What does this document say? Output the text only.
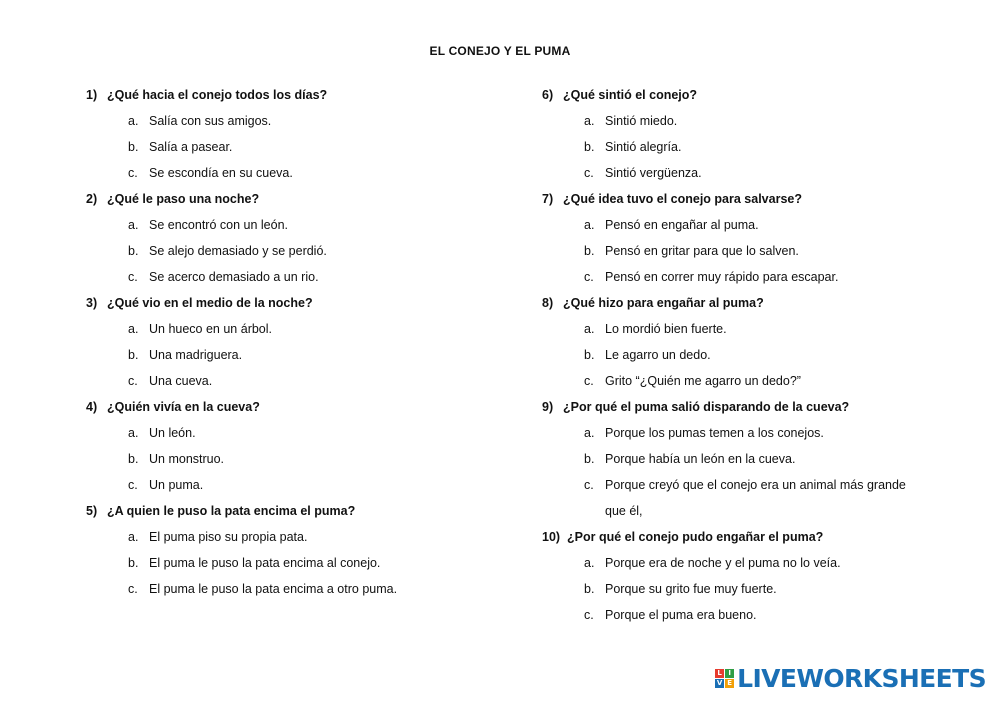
EL CONEJO Y EL PUMA
1) ¿Qué hacia el conejo todos los días?
a. Salía con sus amigos.
b. Salía a pasear.
c. Se escondía en su cueva.
2) ¿Qué le paso una noche?
a. Se encontró con un león.
b. Se alejo demasiado y se perdió.
c. Se acerco demasiado a un rio.
3) ¿Qué vio en el medio de la noche?
a. Un hueco en un árbol.
b. Una madriguera.
c. Una cueva.
4) ¿Quién vivía en la cueva?
a. Un león.
b. Un monstruo.
c. Un puma.
5) ¿A quien le puso la pata encima el puma?
a. El puma piso su propia pata.
b. El puma le puso la pata encima al conejo.
c. El puma le puso la pata encima a otro puma.
6) ¿Qué sintió el conejo?
a. Sintió miedo.
b. Sintió alegría.
c. Sintió vergüenza.
7) ¿Qué idea tuvo el conejo para salvarse?
a. Pensó en engañar al puma.
b. Pensó en gritar para que lo salven.
c. Pensó en correr muy rápido para escapar.
8) ¿Qué hizo para engañar al puma?
a. Lo mordió bien fuerte.
b. Le agarro un dedo.
c. Grito “¿Quién me agarro un dedo?”
9) ¿Por qué el puma salió disparando de la cueva?
a. Porque los pumas temen a los conejos.
b. Porque había un león en la cueva.
c. Porque creyó que el conejo era un animal más grande que él,
10) ¿Por qué el conejo pudo engañar el puma?
a. Porque era de noche y el puma no lo veía.
b. Porque su grito fue muy fuerte.
c. Porque el puma era bueno.
L I
V E LIVEWORKSHEETS
